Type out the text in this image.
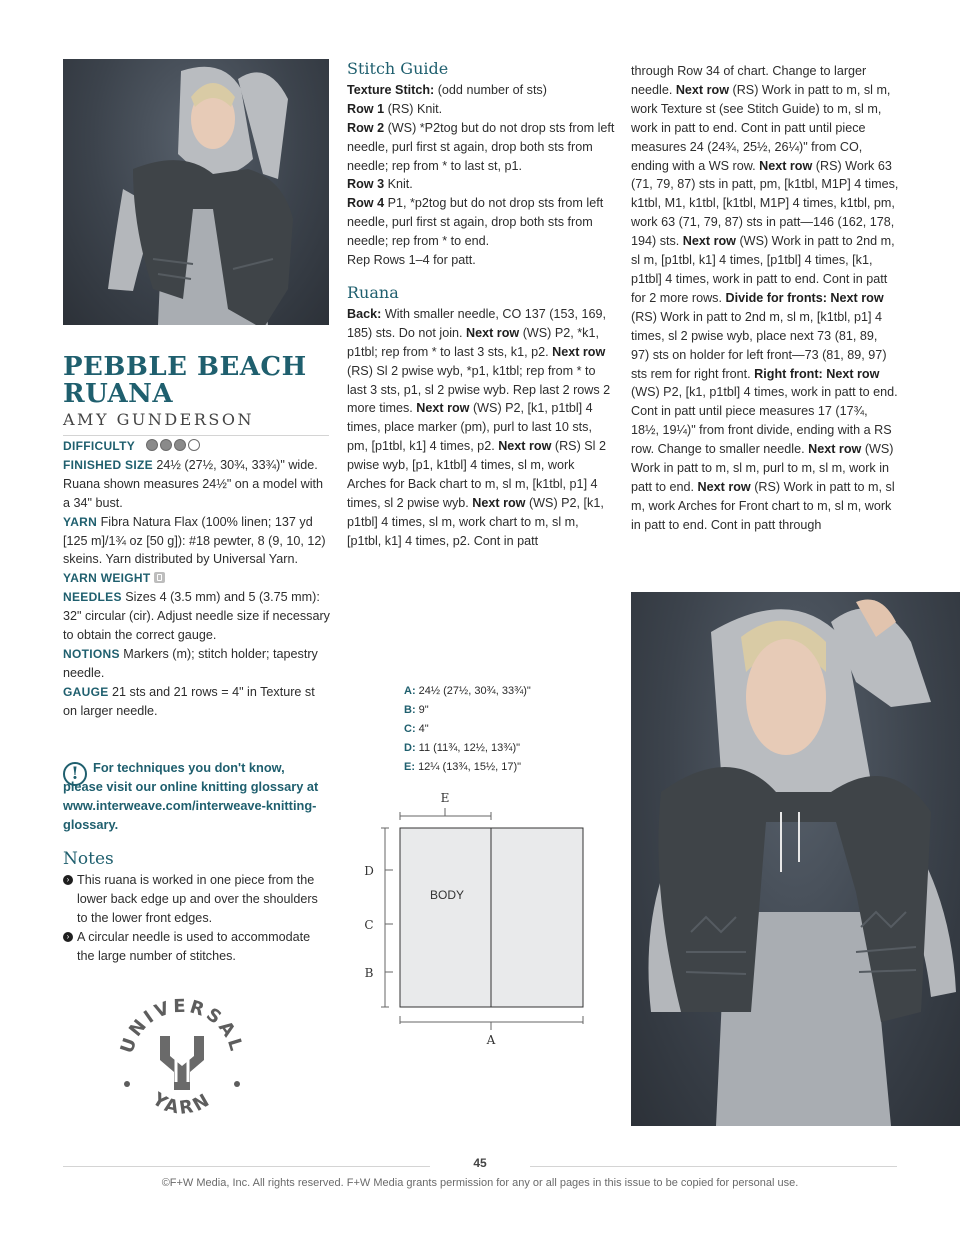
PEBBLE BEACH
RUANA
AMY GUNDERSON

DIFFICULTY

FINISHED SIZE 24½ (27½, 30¾, 33¾)" wide. Ruana shown measures 24½" on a model with a 34" bust.

YARN Fibra Natura Flax (100% linen; 137 yd [125 m]/1¾ oz [50 g]): #18 pewter, 8 (9, 10, 12) skeins. Yarn distributed by Universal Yarn.

YARN WEIGHT

NEEDLES Sizes 4 (3.5 mm) and 5 (3.75 mm): 32" circular (cir). Adjust needle size if necessary to obtain the correct gauge.

NOTIONS Markers (m); stitch holder; tapestry needle.

GAUGE 21 sts and 21 rows = 4" in Texture st on larger needle.

!	For techniques you don't know, please visit our online knitting glossary at www.interweave.com/interweave-knitting-glossary.
Notes
› This ruana is worked in one piece from the lower back edge up and over the shoulders to the lower front edges.
› A circular needle is used to accommodate the large number of stitches.
UNIVERSAL
YARN
Stitch Guide

Texture Stitch: (odd number of sts)

Row 1 (RS) Knit.

Row 2 (WS) *P2tog but do not drop sts from left needle, purl first st again, drop both sts from needle; rep from * to last st, p1.

Row 3 Knit.

Row 4 P1, *p2tog but do not drop sts from left needle, purl first st again, drop both sts from needle; rep from * to end.

Rep Rows 1–4 for patt.

Ruana

Back: With smaller needle, CO 137 (153, 169, 185) sts. Do not join. Next row (WS) P2, *k1, p1tbl; rep from * to last 3 sts, k1, p2. Next row (RS) Sl 2 pwise wyb, *p1, k1tbl; rep from * to last 3 sts, p1, sl 2 pwise wyb. Rep last 2 rows 2 more times. Next row (WS) P2, [k1, p1tbl] 4 times, place marker (pm), purl to last 10 sts, pm, [p1tbl, k1] 4 times, p2. Next row (RS) Sl 2 pwise wyb, [p1, k1tbl] 4 times, sl m, work Arches for Back chart to m, sl m, [k1tbl, p1] 4 times, sl 2 pwise wyb. Next row (WS) P2, [k1, p1tbl] 4 times, sl m, work chart to m, sl m, [p1tbl, k1] 4 times, p2. Cont in patt

A: 24½ (27½, 30¾, 33¾)"
B: 9"
C: 4"
D: 11 (11¾, 12½, 13¾)"
E: 12¼ (13¾, 15½, 17)"
E
BODY
D
C
B
A

through Row 34 of chart. Change to larger needle. Next row (RS) Work in patt to m, sl m, work Texture st (see Stitch Guide) to m, sl m, work in patt to end. Cont in patt until piece measures 24 (24¾, 25½, 26¼)" from CO, ending with a WS row. Next row (RS) Work 63 (71, 79, 87) sts in patt, pm, [k1tbl, M1P] 4 times, k1tbl, M1, k1tbl, [k1tbl, M1P] 4 times, k1tbl, pm, work 63 (71, 79, 87) sts in patt—146 (162, 178, 194) sts. Next row (WS) Work in patt to 2nd m, sl m, [p1tbl, k1] 4 times, [p1tbl] 4 times, [k1, p1tbl] 4 times, work in patt to end. Cont in patt for 2 more rows. Divide for fronts: Next row (RS) Work in patt to 2nd m, sl m, [k1tbl, p1] 4 times, sl 2 pwise wyb, place next 73 (81, 89, 97) sts on holder for left front—73 (81, 89, 97) sts rem for right front. Right front: Next row (WS) P2, [k1, p1tbl] 4 times, work in patt to end. Cont in patt until piece measures 17 (17¾, 18½, 19¼)" from front divide, ending with a RS row. Change to smaller needle. Next row (WS) Work in patt to m, sl m, purl to m, sl m, work in patt to end. Next row (RS) Work in patt to m, sl m, work Arches for Front chart to m, sl m, work in patt to end. Cont in patt through

45
©F+W Media, Inc. All rights reserved. F+W Media grants permission for any or all pages in this issue to be copied for personal use.
